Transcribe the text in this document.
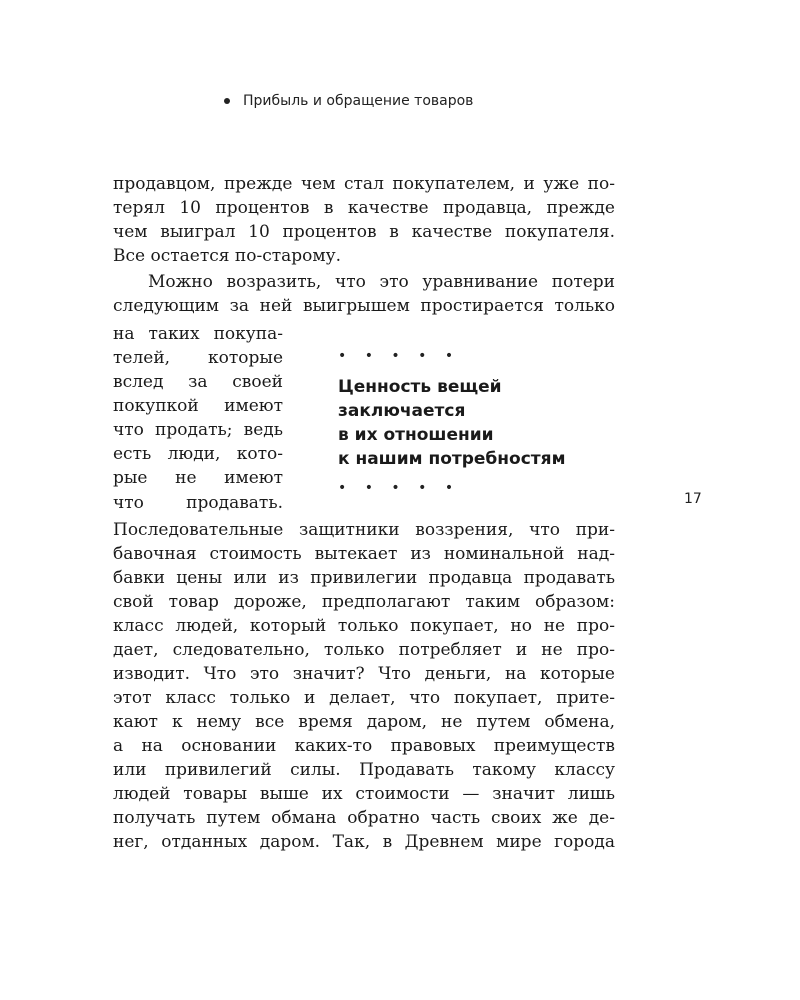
Прибыль и обращение товаров
продавцом, прежде чем стал покупателем, и уже по-
терял 10 процентов в качестве продавца, прежде
чем выиграл 10 процентов в качестве покупателя.
Все остается по-старому.
Можно возразить, что это уравнивание потери
следующим за ней выигрышем простирается только
на таких покупа-
телей, которые
вслед за своей
покупкой имеют
что продать; ведь
есть люди, кото-
рые не имеют
что продавать.
Последовательные защитники воззрения, что при-
бавочная стоимость вытекает из номинальной над-
бавки цены или из привилегии продавца продавать
свой товар дороже, предполагают таким образом:
класс людей, который только покупает, но не про-
дает, следовательно, только потребляет и не про-
изводит. Что это значит? Что деньги, на которые
этот класс только и делает, что покупает, прите-
кают к нему все время даром, не путем обмена,
а на основании каких-то правовых преимуществ
или привилегий силы. Продавать такому классу
людей товары выше их стоимости — значит лишь
получать путем обмана обратно часть своих же де-
нег, отданных даром. Так, в Древнем мире города
• • • • •
Ценность вещей
заключается
в их отношении
к нашим потребностям
• • • • •
17
